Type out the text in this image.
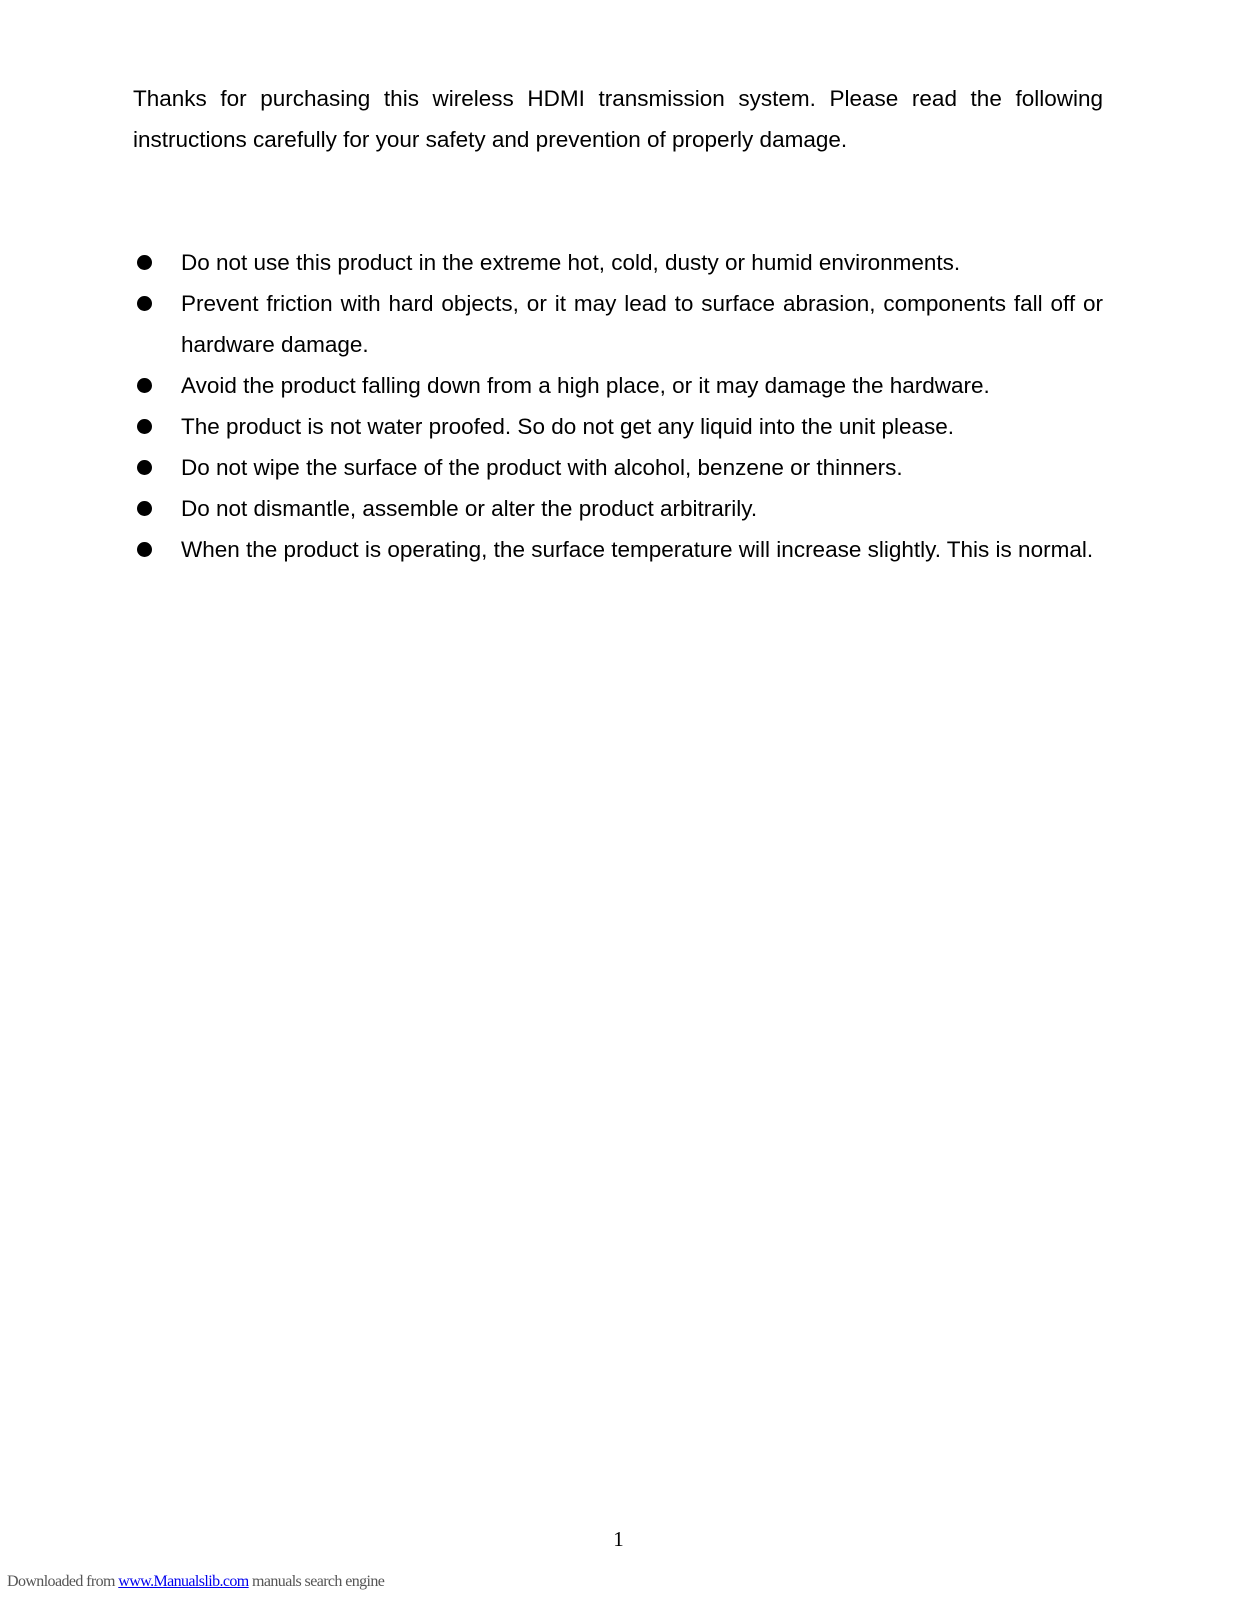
Thanks for purchasing this wireless HDMI transmission system. Please read the following instructions carefully for your safety and prevention of properly damage.

Do not use this product in the extreme hot, cold, dusty or humid environments.
Prevent friction with hard objects, or it may lead to surface abrasion, components fall off or hardware damage.
Avoid the product falling down from a high place, or it may damage the hardware.
The product is not water proofed. So do not get any liquid into the unit please.
Do not wipe the surface of the product with alcohol, benzene or thinners.
Do not dismantle, assemble or alter the product arbitrarily.
When the product is operating, the surface temperature will increase slightly. This is normal.
1
Downloaded from www.Manualslib.com manuals search engine
